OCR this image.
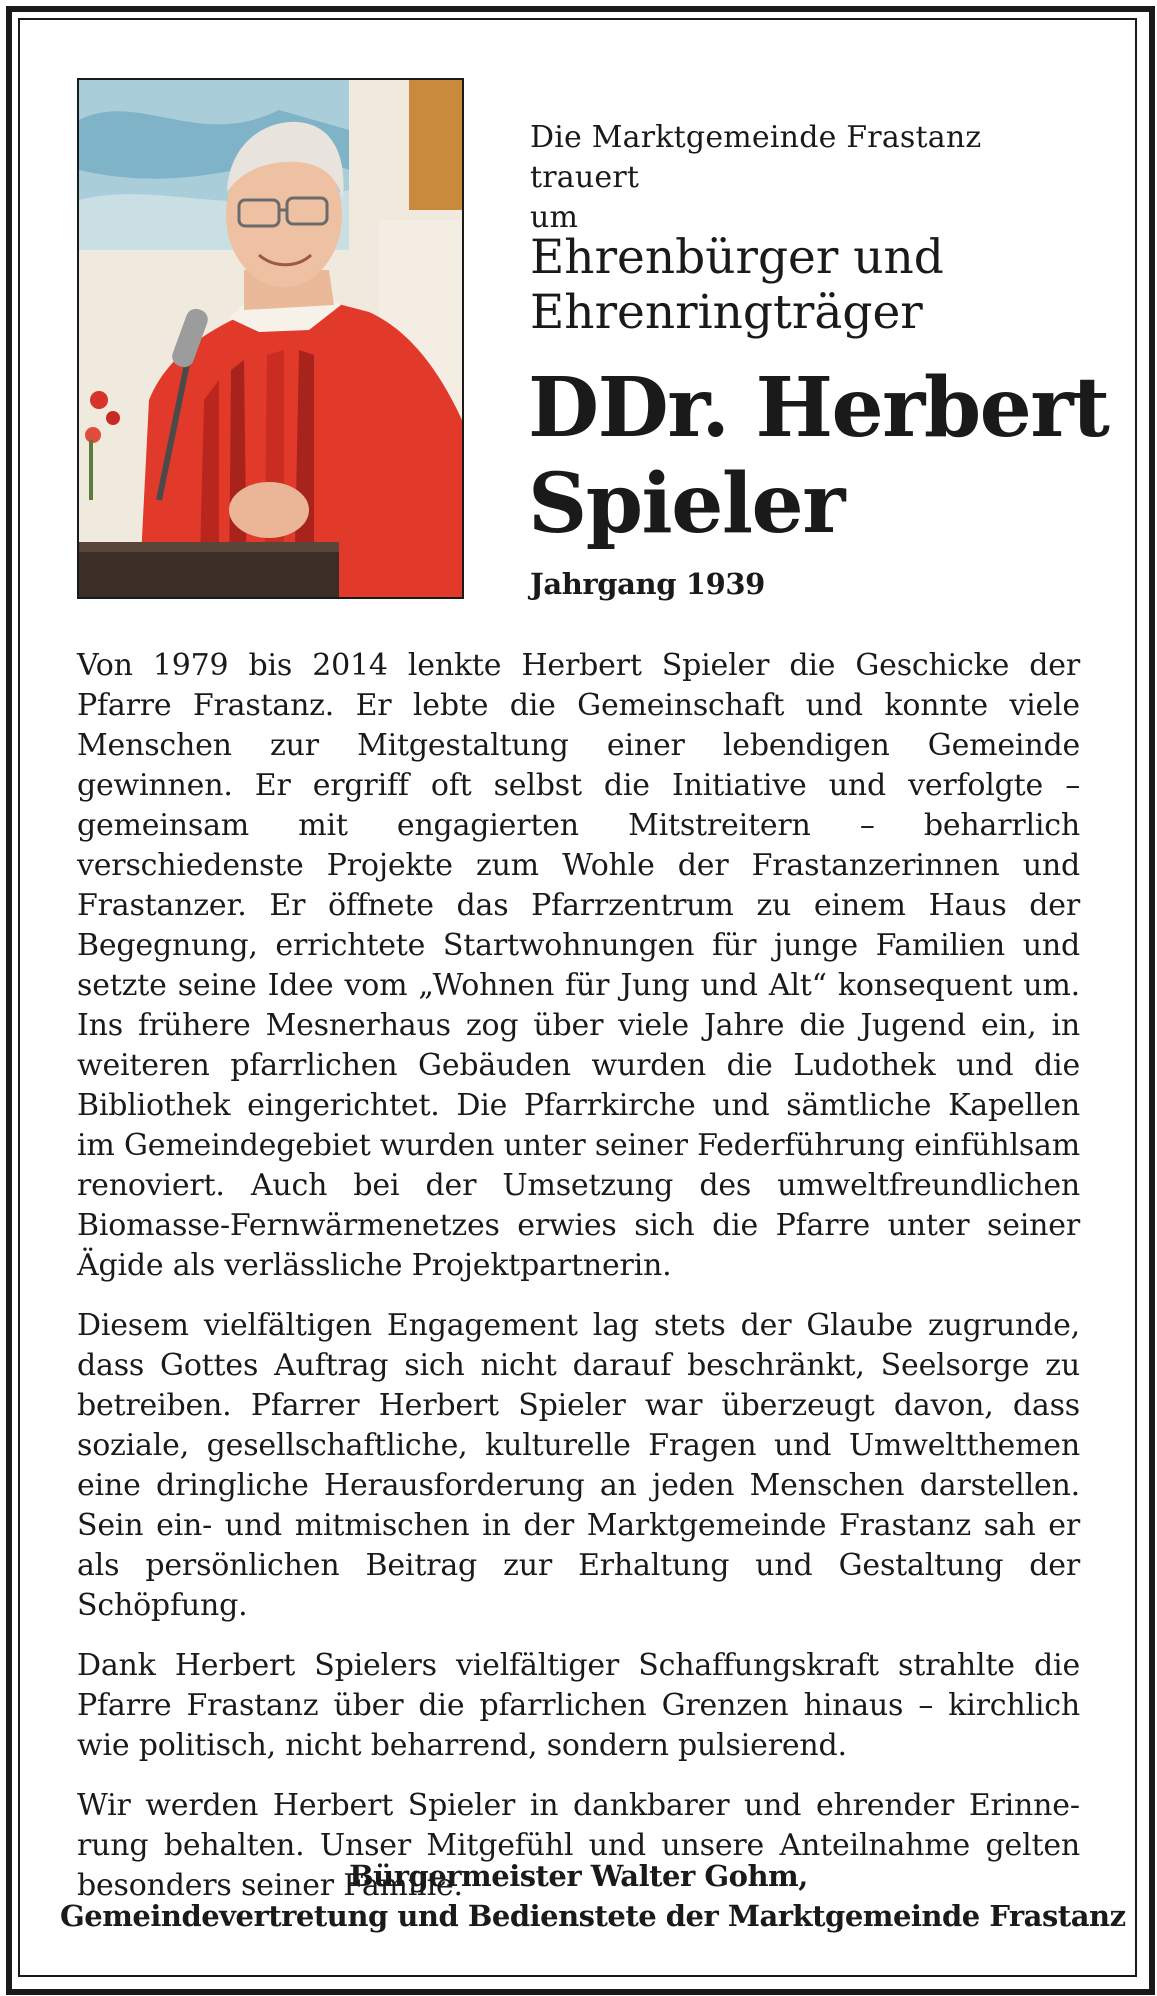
Die Marktgemeinde Frastanz trauert
um
Ehrenbürger und
Ehrenringträger
DDr. Herbert
Spieler
Jahrgang 1939

Von 1979 bis 2014 lenkte Herbert Spieler die Geschicke der Pfarre Frastanz. Er lebte die Gemeinschaft und konnte viele Menschen zur Mitgestaltung einer lebendigen Gemeinde gewinnen. Er ergriff oft selbst die Initiative und verfolgte – gemeinsam mit engagierten Mitstreitern – beharrlich verschiedenste Projekte zum Wohle der Frastanzerinnen und Frastanzer. Er öffnete das Pfarrzentrum zu einem Haus der Begegnung, errichtete Startwohnungen für junge Familien und setzte seine Idee vom „Wohnen für Jung und Alt“ konsequent um. Ins frühere Mesnerhaus zog über viele Jahre die Jugend ein, in weiteren pfarrlichen Gebäuden wurden die Ludothek und die Bibliothek eingerichtet. Die Pfarrkirche und sämtliche Kapellen im Gemeindegebiet wurden unter seiner Federführung einfühlsam renoviert. Auch bei der Umsetzung des umweltfreundlichen Biomasse-Fernwärmenetzes erwies sich die Pfarre unter seiner Ägide als verlässliche Projektpartnerin.

Diesem vielfältigen Engagement lag stets der Glaube zugrunde, dass Gottes Auftrag sich nicht darauf beschränkt, Seelsorge zu betreiben. Pfarrer Herbert Spieler war überzeugt davon, dass soziale, gesellschaftliche, kulturelle Fragen und Umweltthemen eine dringliche Herausforderung an jeden Menschen darstellen. Sein ein- und mitmischen in der Marktgemeinde Frastanz sah er als persönlichen Beitrag zur Erhaltung und Gestaltung der Schöpfung.

Dank Herbert Spielers vielfältiger Schaffungskraft strahlte die Pfarre Frastanz über die pfarrlichen Grenzen hinaus – kirchlich wie politisch, nicht beharrend, sondern pulsierend.

Wir werden Herbert Spieler in dankbarer und ehrender Erinnerung behalten. Unser Mitgefühl und unsere Anteilnahme gelten besonders seiner Familie.

Bürgermeister Walter Gohm,
Gemeindevertretung und Bedienstete der Marktgemeinde Frastanz
